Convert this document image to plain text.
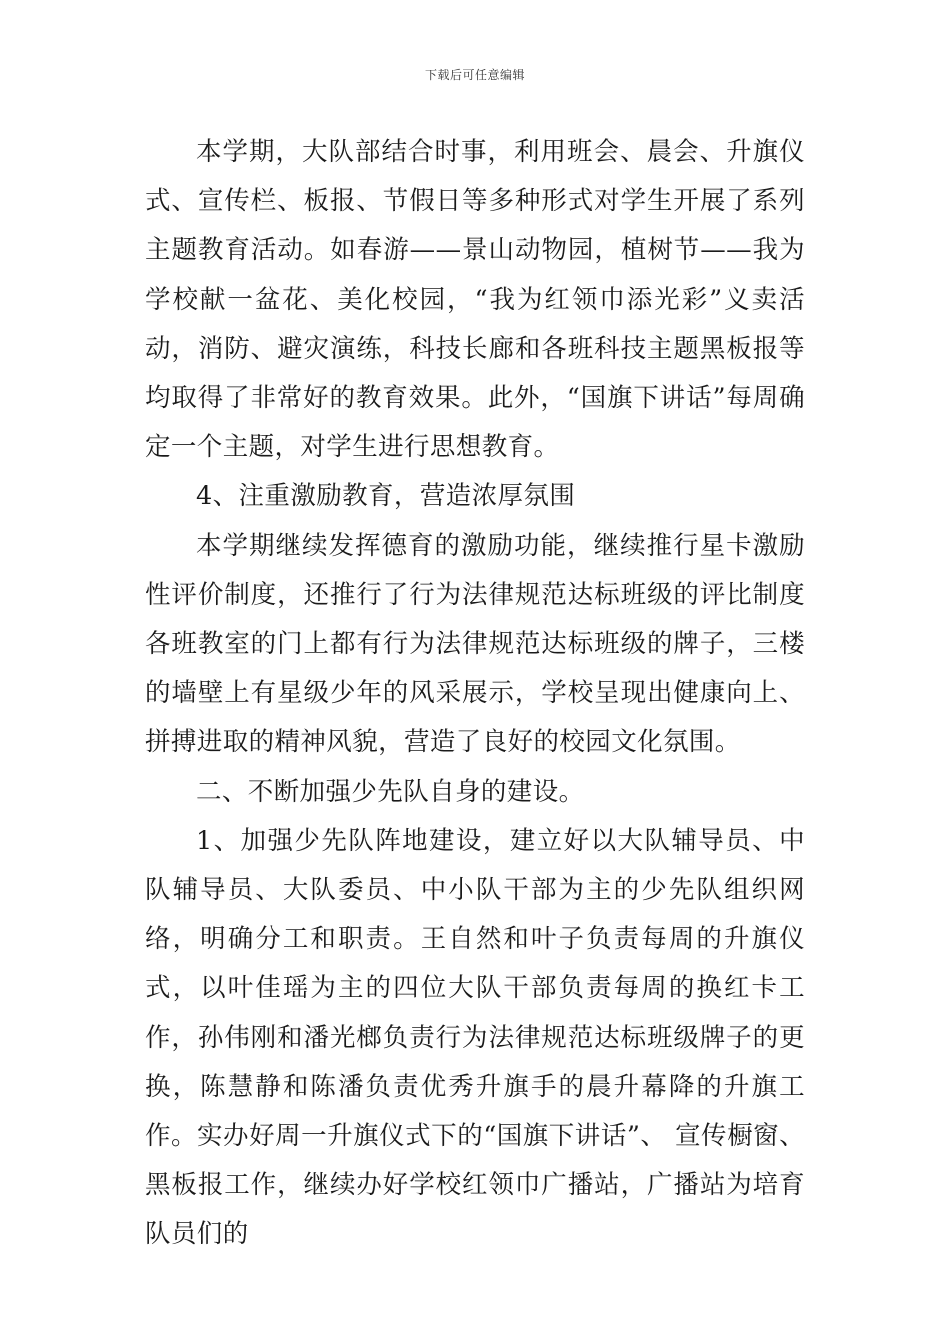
下载后可任意编辑

本学期，大队部结合时事，利用班会、晨会、升旗仪式、宣传栏、板报、节假日等多种形式对学生开展了系列主题教育活动。如春游——景山动物园，植树节——我为学校献一盆花、美化校园，“我为红领巾添光彩”义卖活动，消防、避灾演练，科技长廊和各班科技主题黑板报等均取得了非常好的教育效果。此外，“国旗下讲话”每周确定一个主题，对学生进行思想教育。

4、注重激励教育，营造浓厚氛围

本学期继续发挥德育的激励功能，继续推行星卡激励性评价制度，还推行了行为法律规范达标班级的评比制度各班教室的门上都有行为法律规范达标班级的牌子，三楼的墙壁上有星级少年的风采展示，学校呈现出健康向上、拼搏进取的精神风貌，营造了良好的校园文化氛围。

二、不断加强少先队自身的建设。

1、加强少先队阵地建设，建立好以大队辅导员、中队辅导员、大队委员、中小队干部为主的少先队组织网络，明确分工和职责。王自然和叶子负责每周的升旗仪式，以叶佳瑶为主的四位大队干部负责每周的换红卡工作，孙伟刚和潘光榔负责行为法律规范达标班级牌子的更换，陈慧静和陈潘负责优秀升旗手的晨升幕降的升旗工作。实办好周一升旗仪式下的“国旗下讲话”、 宣传橱窗、黑板报工作，继续办好学校红领巾广播站，广播站为培育队员们的
